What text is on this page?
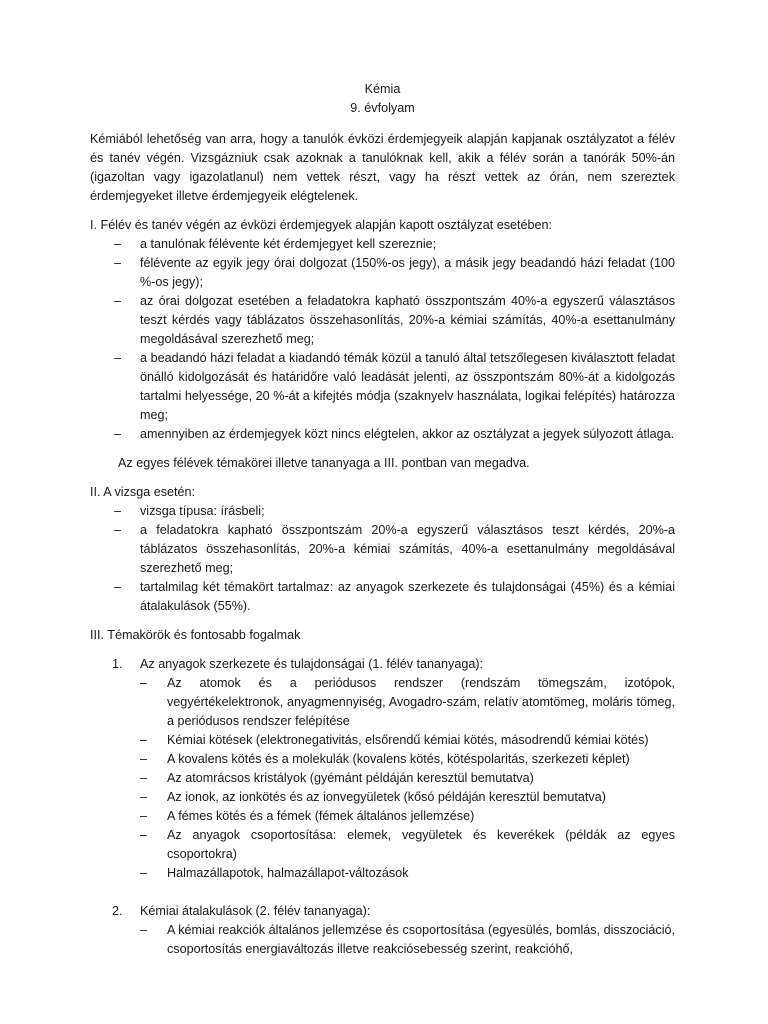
Kémia

9. évfolyam

Kémiából lehetőség van arra, hogy a tanulók évközi érdemjegyeik alapján kapjanak osztályzatot a félév és tanév végén. Vizsgázniuk csak azoknak a tanulóknak kell, akik a félév során a tanórák 50%-án (igazoltan vagy igazolatlanul) nem vettek részt, vagy ha részt vettek az órán, nem szereztek érdemjegyeket illetve érdemjegyeik elégtelenek.

I. Félév és tanév végén az évközi érdemjegyek alapján kapott osztályzat esetében:

– a tanulónak félévente két érdemjegyet kell szereznie;
– félévente az egyik jegy órai dolgozat (150%-os jegy), a másik jegy beadandó házi feladat (100 %-os jegy);
– az órai dolgozat esetében a feladatokra kapható összpontszám 40%-a egyszerű választásos teszt kérdés vagy táblázatos összehasonlítás, 20%-a kémiai számítás, 40%-a esettanulmány megoldásával szerezhető meg;
– a beadandó házi feladat a kiadandó témák közül a tanuló által tetszőlegesen kiválasztott feladat önálló kidolgozását és határidőre való leadását jelenti, az összpontszám 80%-át a kidolgozás tartalmi helyessége, 20 %-át a kifejtés módja (szaknyelv használata, logikai felépítés) határozza meg;
– amennyiben az érdemjegyek közt nincs elégtelen, akkor az osztályzat a jegyek súlyozott átlaga.

Az egyes félévek témakörei illetve tananyaga a III. pontban van megadva.

II. A vizsga esetén:

– vizsga típusa: írásbeli;
– a feladatokra kapható összpontszám 20%-a egyszerű választásos teszt kérdés, 20%-a táblázatos összehasonlítás, 20%-a kémiai számítás, 40%-a esettanulmány megoldásával szerezhető meg;
– tartalmilag két témakört tartalmaz: az anyagok szerkezete és tulajdonságai (45%) és a kémiai átalakulások (55%).

III. Témakörök és fontosabb fogalmak

1. Az anyagok szerkezete és tulajdonságai (1. félév tananyaga):
– Az atomok és a periódusos rendszer (rendszám tömegszám, izotópok, vegyértékelektronok, anyagmennyiség, Avogadro-szám, relatív atomtömeg, moláris tömeg, a periódusos rendszer felépítése
– Kémiai kötések (elektronegativitás, elsőrendű kémiai kötés, másodrendű kémiai kötés)
– A kovalens kötés és a molekulák (kovalens kötés, kötéspolaritás, szerkezeti képlet)
– Az atomrácsos kristályok (gyémánt példáján keresztül bemutatva)
– Az ionok, az ionkötés és az ionvegyületek (kősó példáján keresztül bemutatva)
– A fémes kötés és a fémek (fémek általános jellemzése)
– Az anyagok csoportosítása: elemek, vegyületek és keverékek (példák az egyes csoportokra)
– Halmazállapotok, halmazállapot-változások
2. Kémiai átalakulások (2. félév tananyaga):
– A kémiai reakciók általános jellemzése és csoportosítása (egyesülés, bomlás, disszociáció, csoportosítás energiaváltozás illetve reakciósebesség szerint, reakcióhő,
